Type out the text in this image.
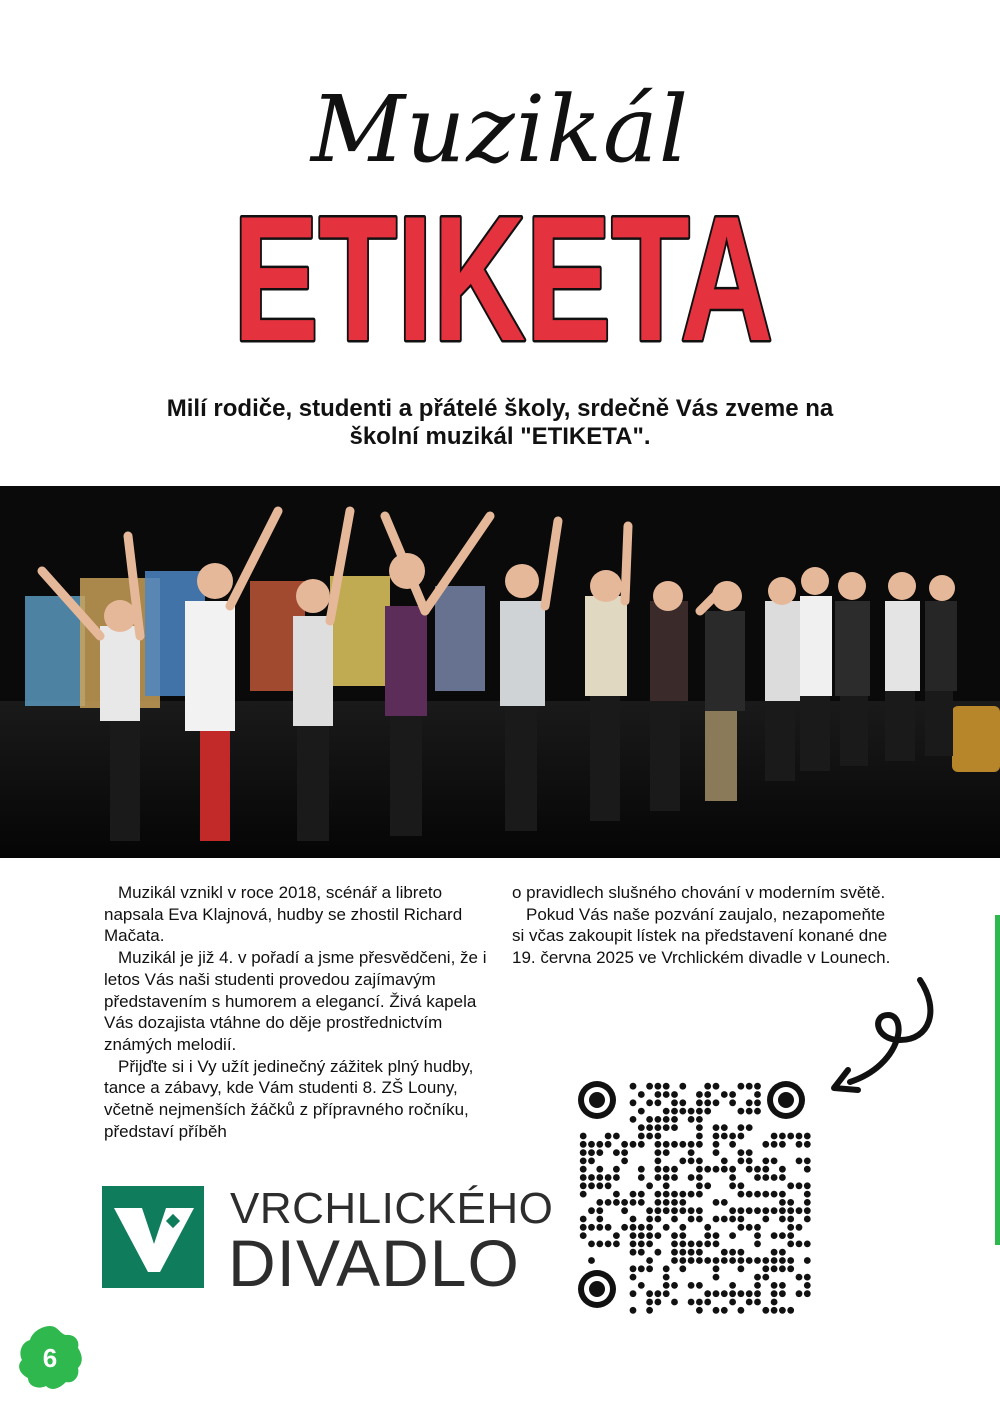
Muzikál
ETIKETA
Milí rodiče, studenti a přátelé školy, srdečně Vás zveme na
školní muzikál "ETIKETA".

Muzikál vznikl v roce 2018, scénář a libreto napsala Eva Klajnová, hudby se zhostil Richard Mačata.

Muzikál je již 4. v pořadí a jsme přesvědčeni, že i letos Vás naši studenti provedou zajímavým představením s humorem a elegancí. Živá kapela Vás dozajista vtáhne do děje prostřednictvím známých melodií.

Přijďte si i Vy užít jedinečný zážitek plný hudby, tance a zábavy, kde Vám studenti 8. ZŠ Louny, včetně nejmenších žáčků z přípravného ročníku, představí příběh

o pravidlech slušného chování v moderním světě.

Pokud Vás naše pozvání zaujalo, nezapomeňte si včas zakoupit lístek na představení konané dne 19. června 2025 ve Vrchlickém divadle v Lounech.

VRCHLICKÉHO
DIVADLO
6
